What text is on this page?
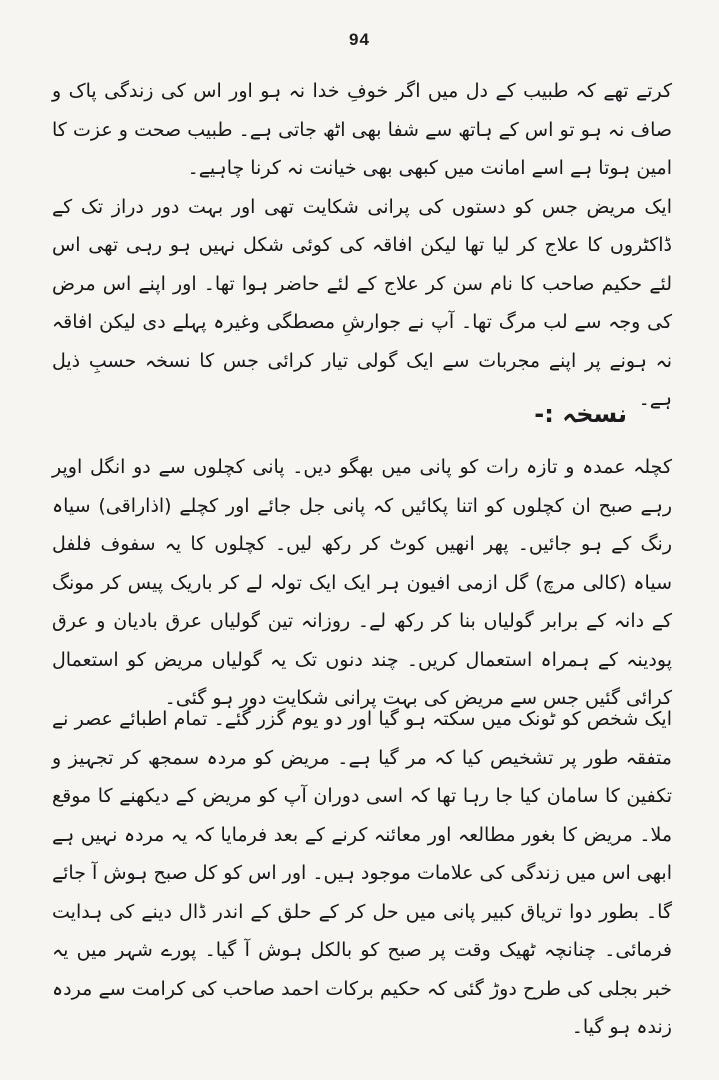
94

کرتے تھے کہ طبیب کے دل میں اگر خوفِ خدا نہ ہو اور اس کی زندگی پاک و صاف نہ ہو تو اس کے ہاتھ سے شفا بھی اٹھ جاتی ہے۔ طبیب صحت و عزت کا امین ہوتا ہے اسے امانت میں کبھی بھی خیانت نہ کرنا چاہیے۔

ایک مریض جس کو دستوں کی پرانی شکایت تھی اور بہت دور دراز تک کے ڈاکٹروں کا علاج کر لیا تھا لیکن افاقہ کی کوئی شکل نہیں ہو رہی تھی اس لئے حکیم صاحب کا نام سن کر علاج کے لئے حاضر ہوا تھا۔ اور اپنے اس مرض کی وجہ سے لب مرگ تھا۔ آپ نے جوارشِ مصطگی وغیرہ پہلے دی لیکن افاقہ نہ ہونے پر اپنے مجربات سے ایک گولی تیار کرائی جس کا نسخہ حسبِ ذیل ہے۔

نسخہ :-

کچلہ عمدہ و تازہ رات کو پانی میں بھگو دیں۔ پانی کچلوں سے دو انگل اوپر رہے صبح ان کچلوں کو اتنا پکائیں کہ پانی جل جائے اور کچلے (اذاراقی) سیاہ رنگ کے ہو جائیں۔ پھر انھیں کوٹ کر رکھ لیں۔ کچلوں کا یہ سفوف فلفل سیاہ (کالی مرچ) گل ازمی افیون ہر ایک ایک تولہ لے کر باریک پیس کر مونگ کے دانہ کے برابر گولیاں بنا کر رکھ لے۔ روزانہ تین گولیاں عرق بادیان و عرق پودینہ کے ہمراہ استعمال کریں۔ چند دنوں تک یہ گولیاں مریض کو استعمال کرائی گئیں جس سے مریض کی بہت پرانی شکایت دور ہو گئی۔

ایک شخص کو ٹونک میں سکتہ ہو گیا اور دو یوم گزر گئے۔ تمام اطبائے عصر نے متفقہ طور پر تشخیص کیا کہ مر گیا ہے۔ مریض کو مردہ سمجھ کر تجہیز و تکفین کا سامان کیا جا رہا تھا کہ اسی دوران آپ کو مریض کے دیکھنے کا موقع ملا۔ مریض کا بغور مطالعہ اور معائنہ کرنے کے بعد فرمایا کہ یہ مردہ نہیں ہے ابھی اس میں زندگی کی علامات موجود ہیں۔ اور اس کو کل صبح ہوش آ جائے گا۔ بطور دوا تریاق کبیر پانی میں حل کر کے حلق کے اندر ڈال دینے کی ہدایت فرمائی۔ چنانچہ ٹھیک وقت پر صبح کو بالکل ہوش آ گیا۔ پورے شہر میں یہ خبر بجلی کی طرح دوڑ گئی کہ حکیم برکات احمد صاحب کی کرامت سے مردہ زندہ ہو گیا۔
